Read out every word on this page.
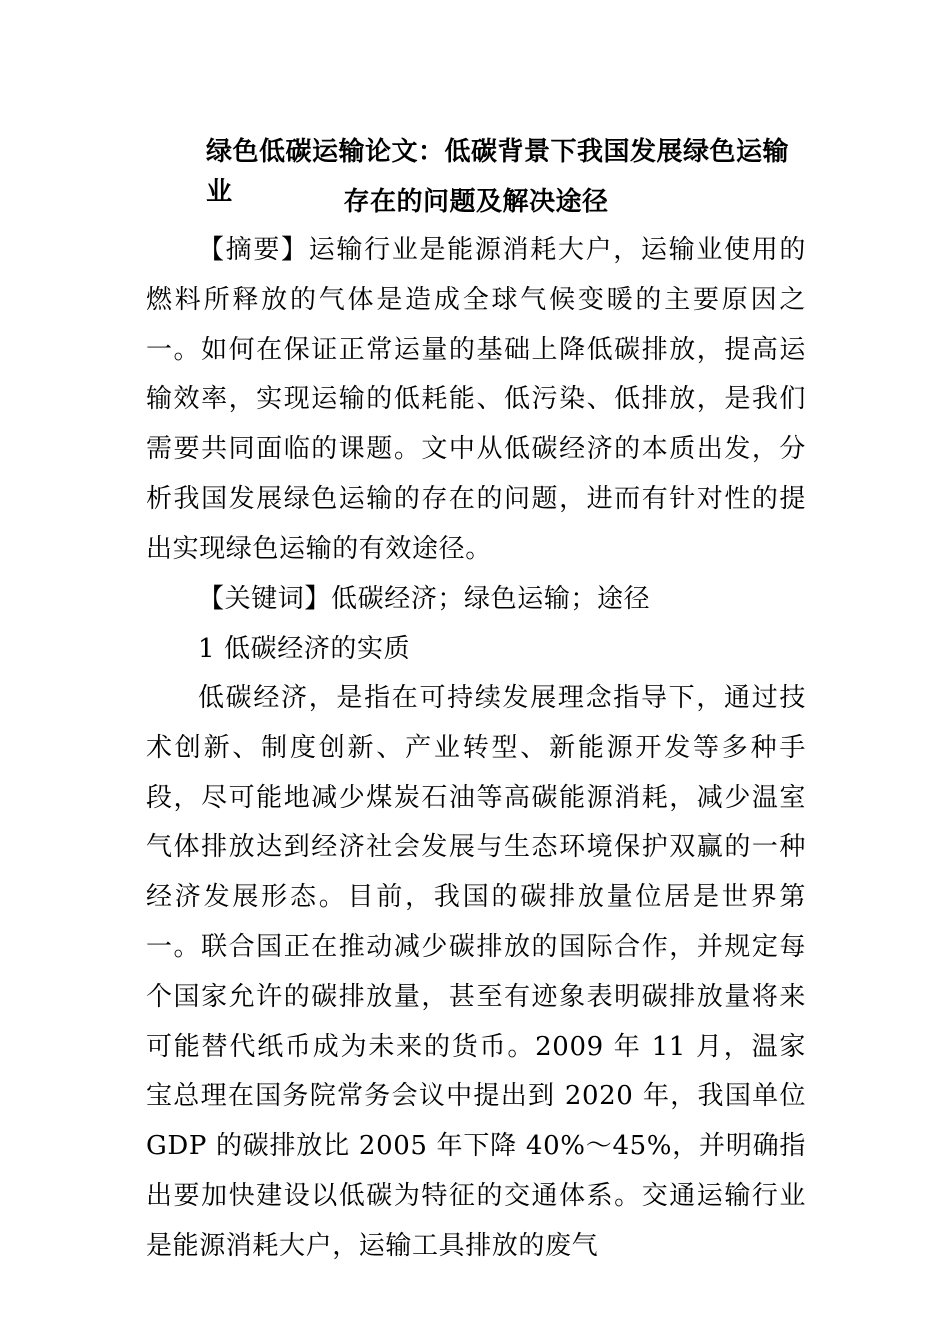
绿色低碳运输论文：低碳背景下我国发展绿色运输业	存在的问题及解决途径

【摘要】运输行业是能源消耗大户，运输业使用的燃料所释放的气体是造成全球气候变暖的主要原因之一。如何在保证正常运量的基础上降低碳排放，提高运输效率，实现运输的低耗能、低污染、低排放，是我们需要共同面临的课题。文中从低碳经济的本质出发，分析我国发展绿色运输的存在的问题，进而有针对性的提出实现绿色运输的有效途径。

【关键词】低碳经济；绿色运输；途径

1 低碳经济的实质

低碳经济，是指在可持续发展理念指导下，通过技术创新、制度创新、产业转型、新能源开发等多种手段，尽可能地减少煤炭石油等高碳能源消耗，减少温室气体排放达到经济社会发展与生态环境保护双赢的一种经济发展形态。目前，我国的碳排放量位居是世界第一。联合国正在推动减少碳排放的国际合作，并规定每个国家允许的碳排放量，甚至有迹象表明碳排放量将来可能替代纸币成为未来的货币。2009 年 11 月，温家宝总理在国务院常务会议中提出到 2020 年，我国单位 GDP 的碳排放比 2005 年下降 40%～45%，并明确指出要加快建设以低碳为特征的交通体系。交通运输行业是能源消耗大户，运输工具排放的废气
